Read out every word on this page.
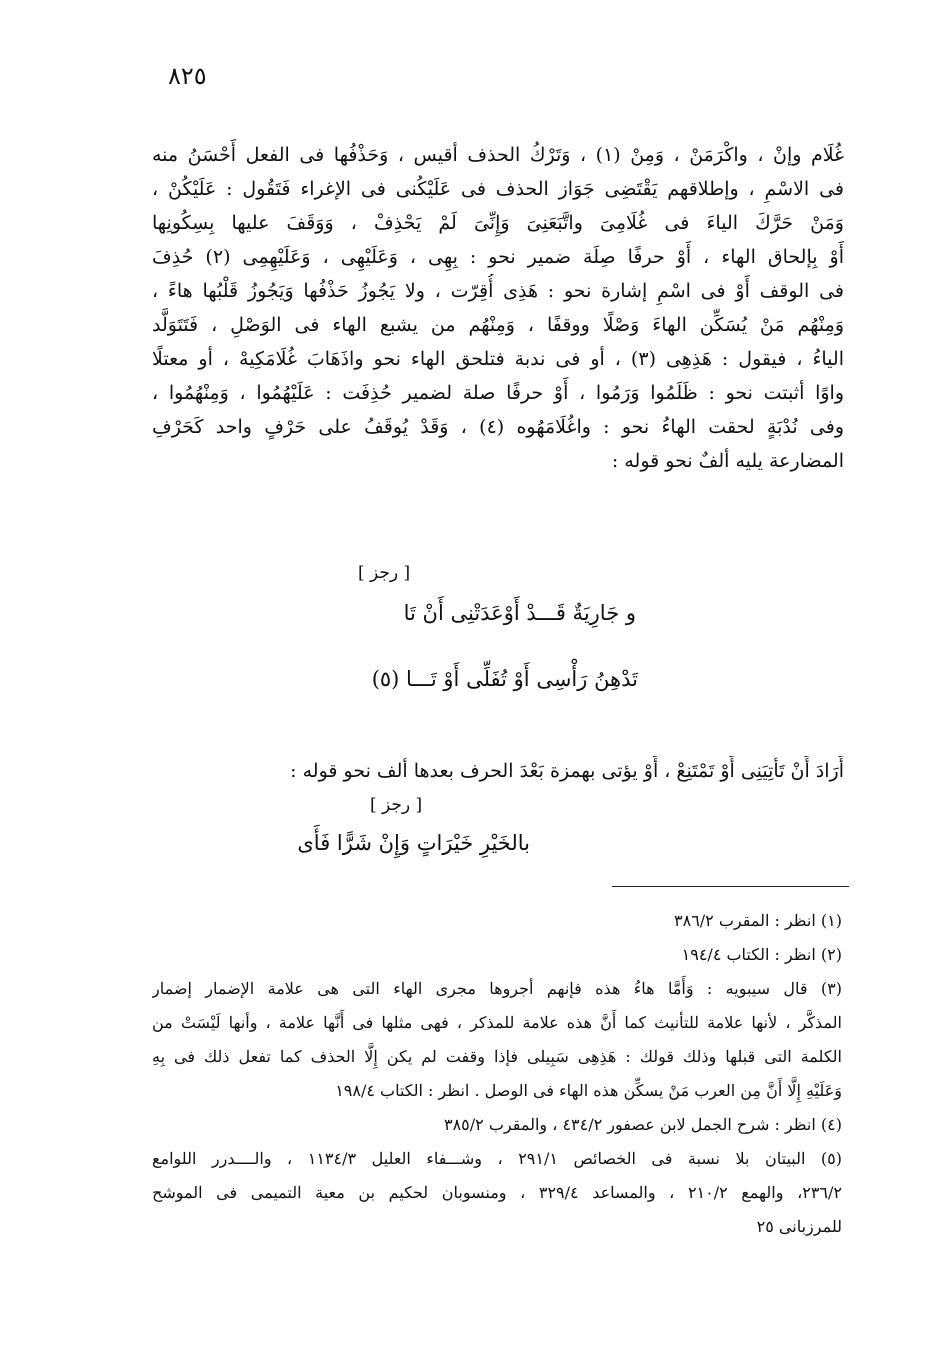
٨٢٥
غُلَام وإنْ ، واكْرَمَنْ ، وَمِنْ (١) ، وَتَرْكُ الحذف أقيس ، وَحَذْفُها فى الفعل أَحْسَنُ منه
فى الاسْمِ ، وإطلاقهم يَقْتَضِى جَوَاز الحذف فى عَلَيْكُنى فى الإغراء فَتَقُول : عَلَيْكُنْ ،
وَمَنْ حَرَّكَ الياءَ فى غُلَامِىَ واتَّبَعَنِىَ وَإِنِّىَ لَمْ يَحْذِفْ ، وَوَقَفَ عليها بِسِكُونِها
أَوْ بِإلحاق الهاء ، أَوْ حرفًا صِلَة ضمير نحو : بِهِى ، وَعَلَيْهِى ، وَعَلَيْهِمِى (٢) حُذِفَ
فى الوقف أَوْ فى اسْمِ إشارة نحو : هَذِى أُقِرّت ، ولا يَجُوزُ حَذْفُها وَيَجُوزُ قَلْبُها هاءً ،
وَمِنْهُم مَنْ يُسَكِّن الهاءَ وَصْلًا ووقفًا ، وَمِنْهُم من يشبع الهاء فى الوَصْلِ ، فَتَتَوَلَّد
الياءُ ، فيقول : هَذِهِى (٣) ، أو فى ندبة فتلحق الهاء نحو واذَهَابَ غُلَامَكِيهْ ، أو معتلًا
واوًا أثبتت نحو : ظَلَمُوا وَرَمُوا ، أَوْ حرفًا صلة لضمير حُذِفَت : عَلَيْهُمُوا ، وَمِنْهُمُوا ،
وفى نُدْبَةٍ لحقت الهاءُ نحو : واغُلَامَهُوه (٤) ، وَقَدْ يُوقَفُ على حَرْفٍ واحد كَحَرْفِ
المضارعة يليه ألفٌ نحو قوله :
[ رجز ]
و جَارِيَةٌ قَـــدْ أَوْعَدَتْنِى أَنْ تَا
تَدْهِنُ رَأْسِى أَوْ تُفَلِّى أَوْ تَـــا (٥)
أَرَادَ أَنْ تَأْتِيَنِى أَوْ تَمْتَنِعْ ، أَوْ يؤتى بهمزة بَعْدَ الحرف بعدها ألف نحو قوله :
[ رجز ]
بالخَيْرِ خَيْرَاتٍ وَإِنْ شَرًّا فَأَى
(١) انظر : المقرب ٣٨٦/٢
(٢) انظر : الكتاب ١٩٤/٤
(٣) قال سيبويه : وَأَمَّا هاءُ هذه فإنهم أجروها مجرى الهاء التى هى علامة الإضمار إضمار
المذكَّر ، لأنها علامة للتأنيث كما أَنَّ هذه علامة للمذكر ، فهى مثلها فى أَنَّها علامة ، وأنها لَيْسَتْ من
الكلمة التى قبلها وذلك قولك : هَذِهِى سَبِيلى فإذا وقفت لم يكن إِلَّا الحذف كما تفعل ذلك فى بِهِ
وَعَلَيْهِ إِلَّا أَنَّ مِن العرب مَنْ يسكِّن هذه الهاء فى الوصل . انظر : الكتاب ١٩٨/٤
(٤) انظر : شرح الجمل لابن عصفور ٤٣٤/٢ ، والمقرب ٣٨٥/٢
(٥) البيتان بلا نسبة فى الخصائص ٢٩١/١ ، وشـــفاء العليل ١١٣٤/٣ ، والــــدرر اللوامع
٢٣٦/٢، والهمع ٢١٠/٢ ، والمساعد ٣٢٩/٤ ، ومنسوبان لحكيم بن معية التميمى فى الموشح
للمرزبانى ٢٥
